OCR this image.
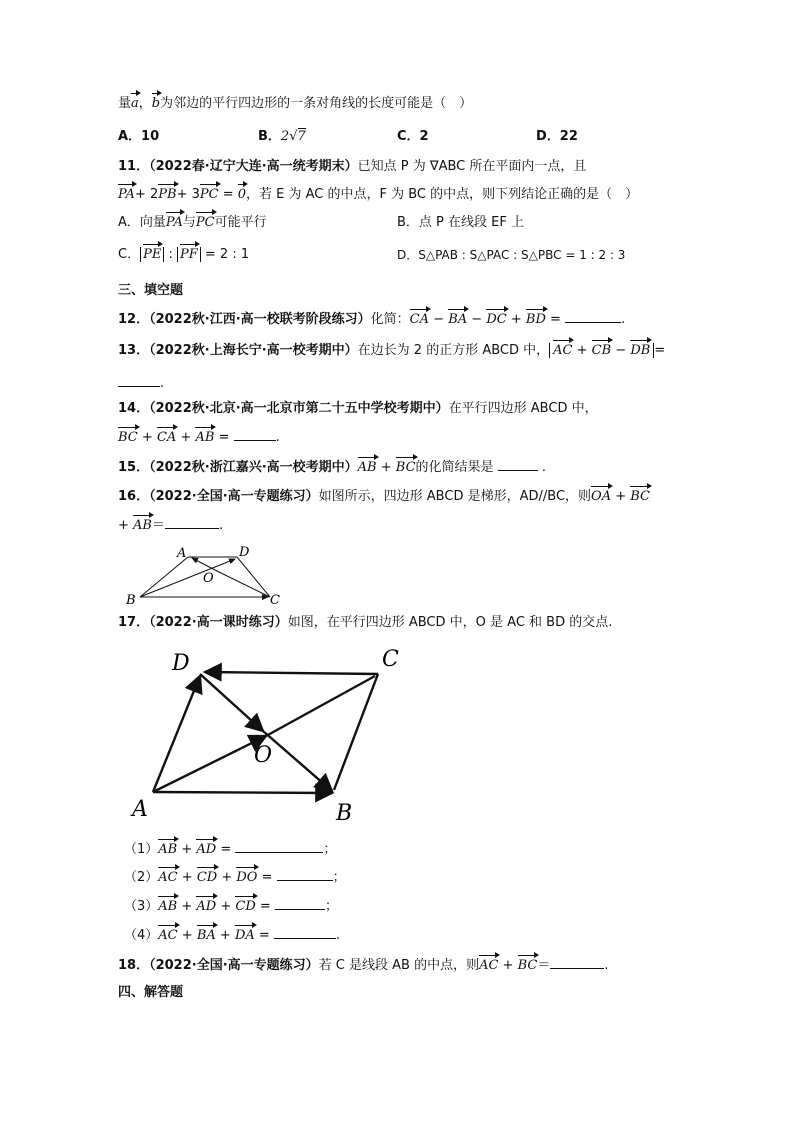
量a，b为邻边的平行四边形的一条对角线的长度可能是（　）
A．10	B．2√7	C．2	D．22
11．（2022春·辽宁大连·高一统考期末）已知点 P 为 ∇ABC 所在平面内一点，且
PA+ 2PB+ 3PC = 0，若 E 为 AC 的中点，F 为 BC 的中点，则下列结论正确的是（　）
A．向量PA与PC可能平行	B．点 P 在线段 EF 上
C． PE : PF = 2 : 1	D．S△PAB : S△PAC : S△PBC = 1 : 2 : 3
三、填空题
12．（2022秋·江西·高一校联考阶段练习）化简：CA − BA − DC + BD =	.
13．（2022秋·上海长宁·高一校考期中）在边长为 2 的正方形 ABCD 中， AC + CB − DB =
.
14．（2022秋·北京·高一北京市第二十五中学校考期中）在平行四边形 ABCD 中，
BC + CA + AB =	.
15．（2022秋·浙江嘉兴·高一校考期中）AB + BC的化简结果是	.
16．（2022·全国·高一专题练习）如图所示，四边形 ABCD 是梯形，AD//BC，则OA + BC
+ AB＝	.
A	D
O
B	C
17．（2022·高一课时练习）如图，在平行四边形 ABCD 中，O 是 AC 和 BD 的交点.
D	C
O
A	B
（1）AB + AD =	；
（2）AC + CD + DO =	；
（3）AB + AD + CD =	；
（4）AC + BA + DA =	.
18．（2022·全国·高一专题练习）若 C 是线段 AB 的中点，则AC + BC＝	.
四、解答题
